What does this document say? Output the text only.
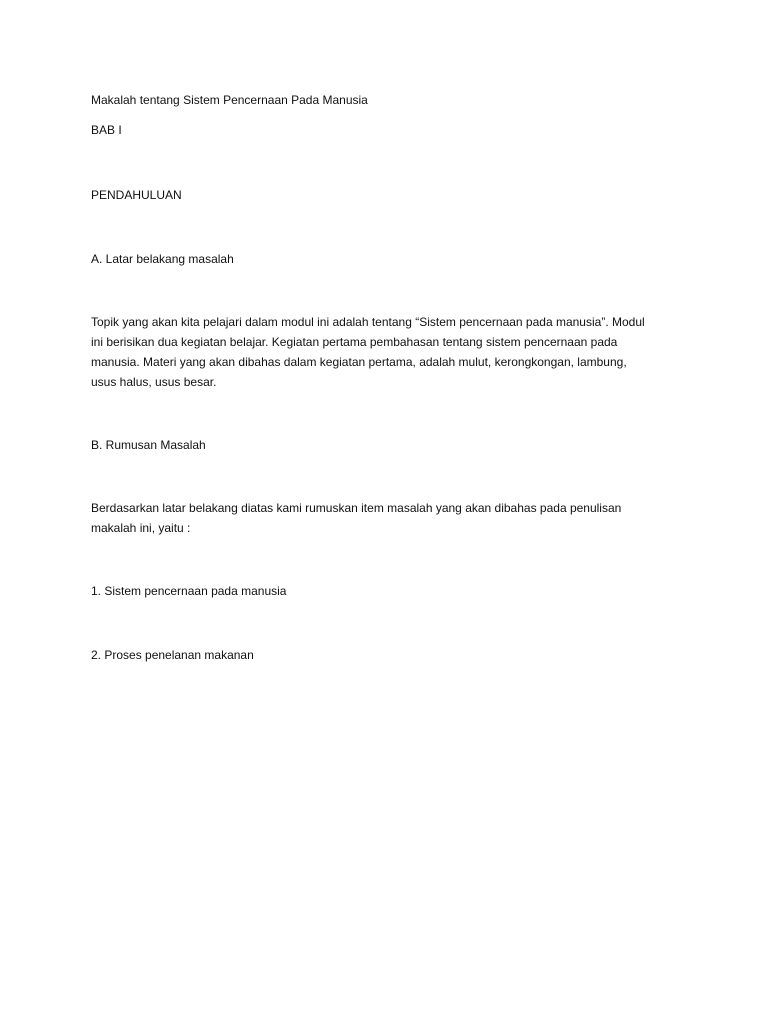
Makalah tentang Sistem Pencernaan Pada Manusia

BAB I

PENDAHULUAN

A. Latar belakang masalah

Topik yang akan kita pelajari dalam modul ini adalah tentang “Sistem pencernaan pada manusia”. Modul
ini berisikan dua kegiatan belajar. Kegiatan pertama pembahasan tentang sistem pencernaan pada
manusia. Materi yang akan dibahas dalam kegiatan pertama, adalah mulut, kerongkongan, lambung,
usus halus, usus besar.

B. Rumusan Masalah

Berdasarkan latar belakang diatas kami rumuskan item masalah yang akan dibahas pada penulisan
makalah ini, yaitu :

1. Sistem pencernaan pada manusia

2. Proses penelanan makanan
